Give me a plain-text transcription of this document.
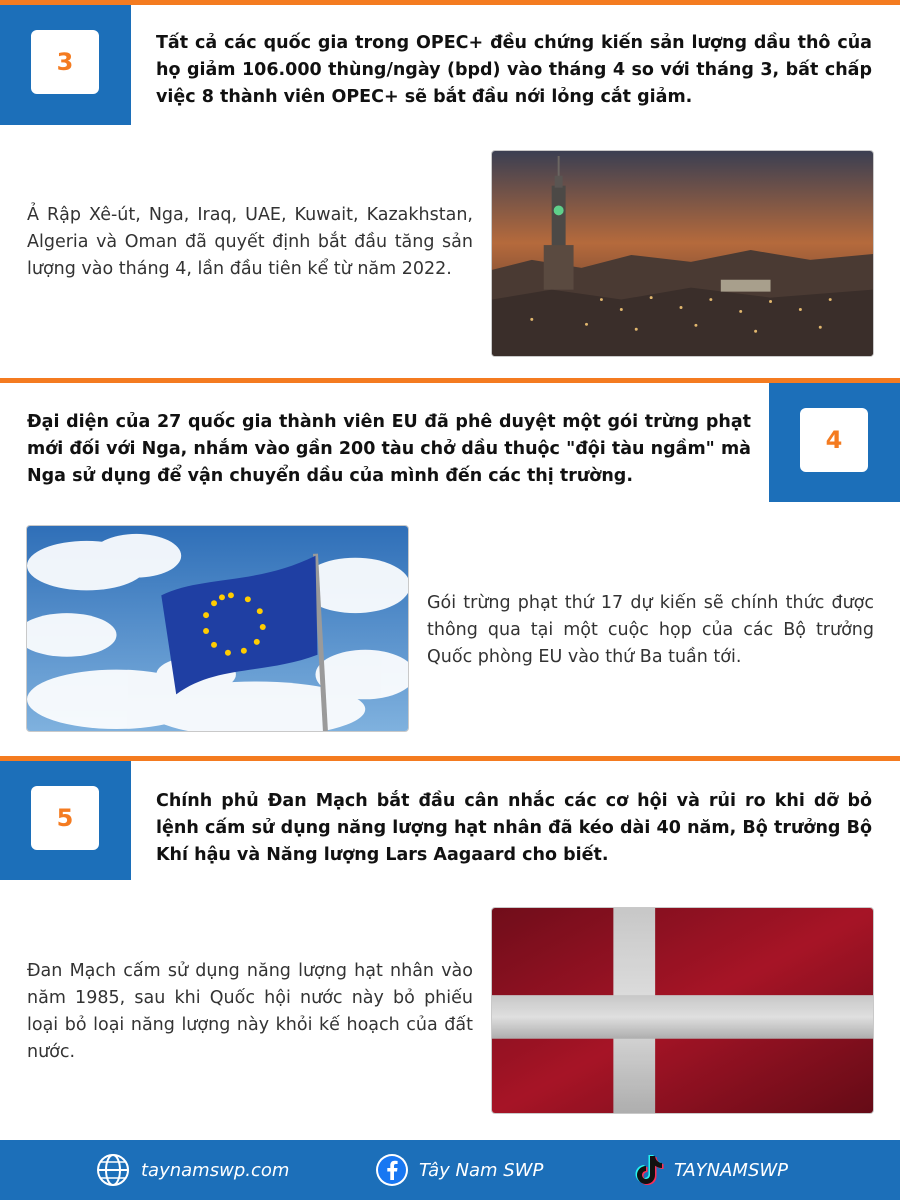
3
Tất cả các quốc gia trong OPEC+ đều chứng kiến sản lượng dầu thô của họ giảm 106.000 thùng/ngày (bpd) vào tháng 4 so với tháng 3, bất chấp việc 8 thành viên OPEC+ sẽ bắt đầu nới lỏng cắt giảm.
Ả Rập Xê-út, Nga, Iraq, UAE, Kuwait, Kazakhstan, Algeria và Oman đã quyết định bắt đầu tăng sản lượng vào tháng 4, lần đầu tiên kể từ năm 2022.
4
Đại diện của 27 quốc gia thành viên EU đã phê duyệt một gói trừng phạt mới đối với Nga, nhắm vào gần 200 tàu chở dầu thuộc "đội tàu ngầm" mà Nga sử dụng để vận chuyển dầu của mình đến các thị trường.
Gói trừng phạt thứ 17 dự kiến sẽ chính thức được thông qua tại một cuộc họp của các Bộ trưởng Quốc phòng EU vào thứ Ba tuần tới.
5
Chính phủ Đan Mạch bắt đầu cân nhắc các cơ hội và rủi ro khi dỡ bỏ lệnh cấm sử dụng năng lượng hạt nhân đã kéo dài 40 năm, Bộ trưởng Bộ Khí hậu và Năng lượng Lars Aagaard cho biết.
Đan Mạch cấm sử dụng năng lượng hạt nhân vào năm 1985, sau khi Quốc hội nước này bỏ phiếu loại bỏ loại năng lượng này khỏi kế hoạch của đất nước.
taynamswp.com	Tây Nam SWP	TAYNAMSWP
